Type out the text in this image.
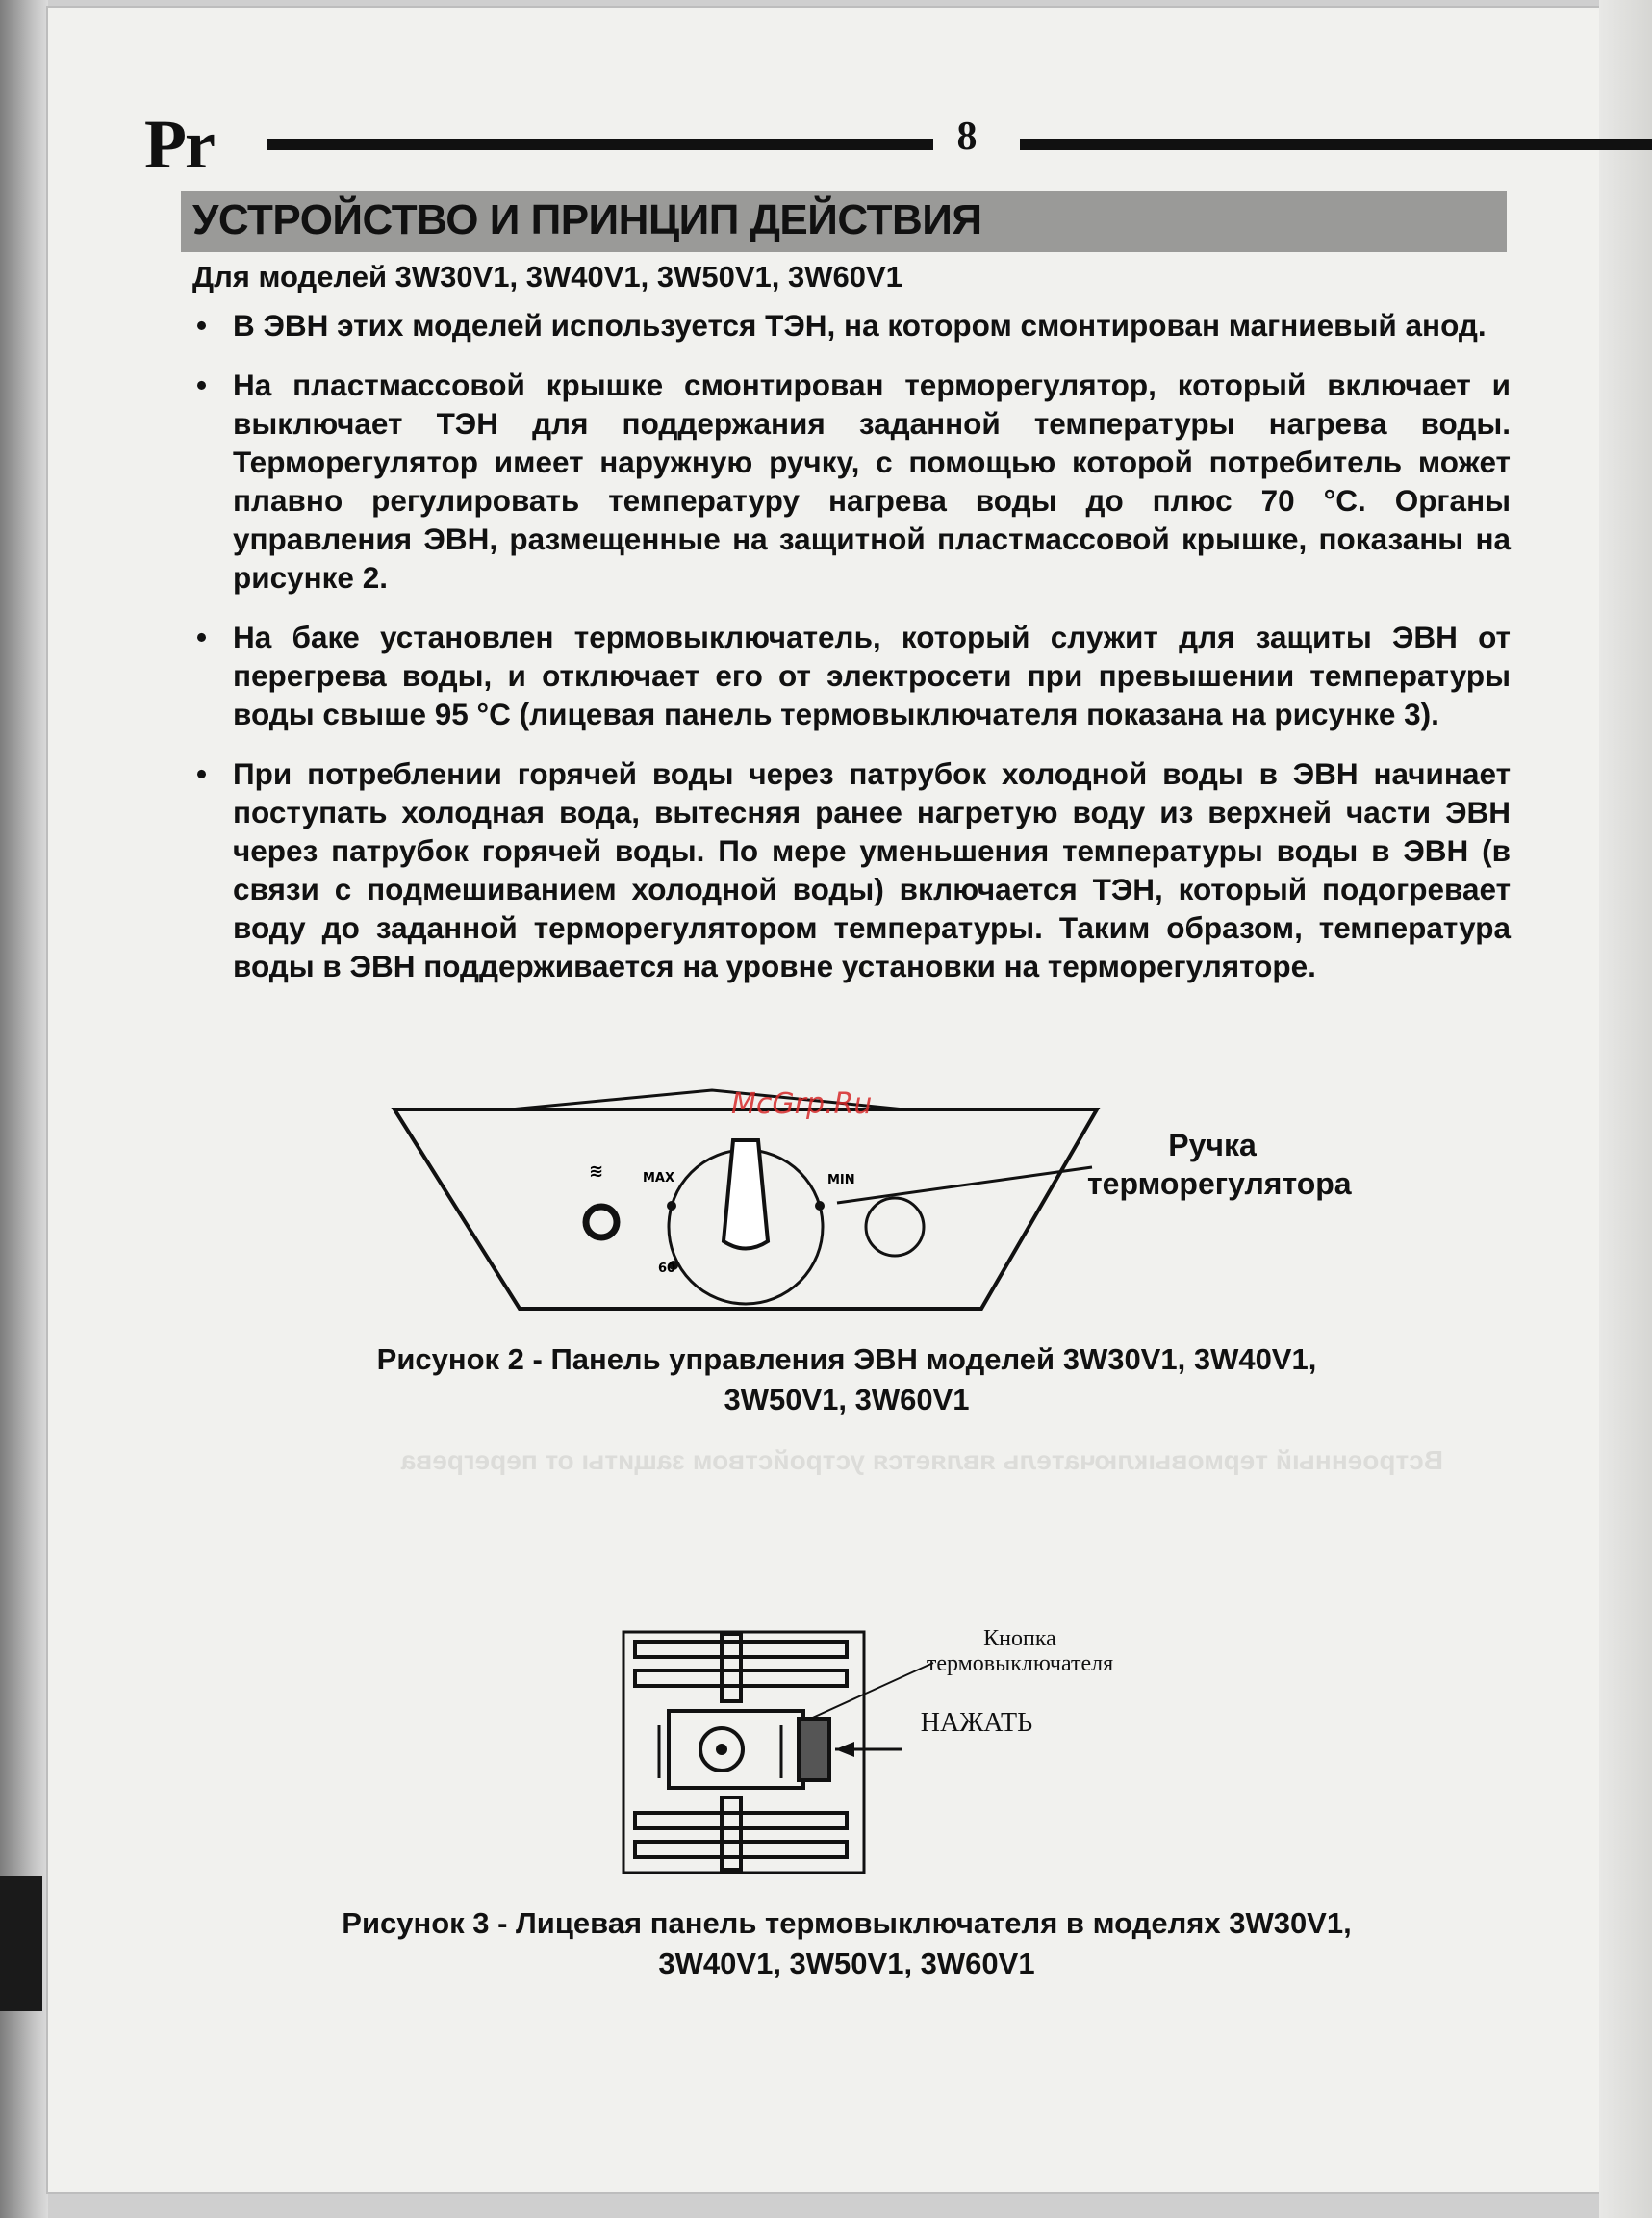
Встроенный термовыключатель является устройством защиты от перегрева
Pr	8
УСТРОЙСТВО И ПРИНЦИП ДЕЙСТВИЯ
Для моделей 3W30V1, 3W40V1, 3W50V1, 3W60V1
• В ЭВН этих моделей используется ТЭН, на котором смонтирован магниевый анод.
• На пластмассовой крышке смонтирован терморегулятор, который включает и выключает ТЭН для поддержания заданной температуры нагрева воды. Терморегулятор имеет наружную ручку, с помощью которой потребитель может плавно регулировать температуру нагрева воды до плюс 70 °С. Органы управления ЭВН, размещенные на защитной пластмассовой крышке, показаны на рисунке 2.
• На баке установлен термовыключатель, который служит для защиты ЭВН от перегрева воды, и отключает его от электросети при превышении температуры воды свыше 95 °С (лицевая панель термовыключателя показана на рисунке 3).
• При потреблении горячей воды через патрубок холодной воды в ЭВН начинает поступать холодная вода, вытесняя ранее нагретую воду из верхней части ЭВН через патрубок горячей воды. По мере уменьшения температуры воды в ЭВН (в связи с подмешиванием холодной воды) включается ТЭН, который подогревает воду до заданной терморегулятором температуры. Таким образом, температура воды в ЭВН поддерживается на уровне установки на терморегуляторе.
≋
McGrp.Ru
MAX	MIN
60
Ручка
терморегулятора
Рисунок 2 - Панель управления ЭВН моделей 3W30V1, 3W40V1,
3W50V1, 3W60V1
Кнопка
термовыключателя
НАЖАТЬ
Рисунок 3 - Лицевая панель термовыключателя в моделях 3W30V1,
3W40V1, 3W50V1, 3W60V1
